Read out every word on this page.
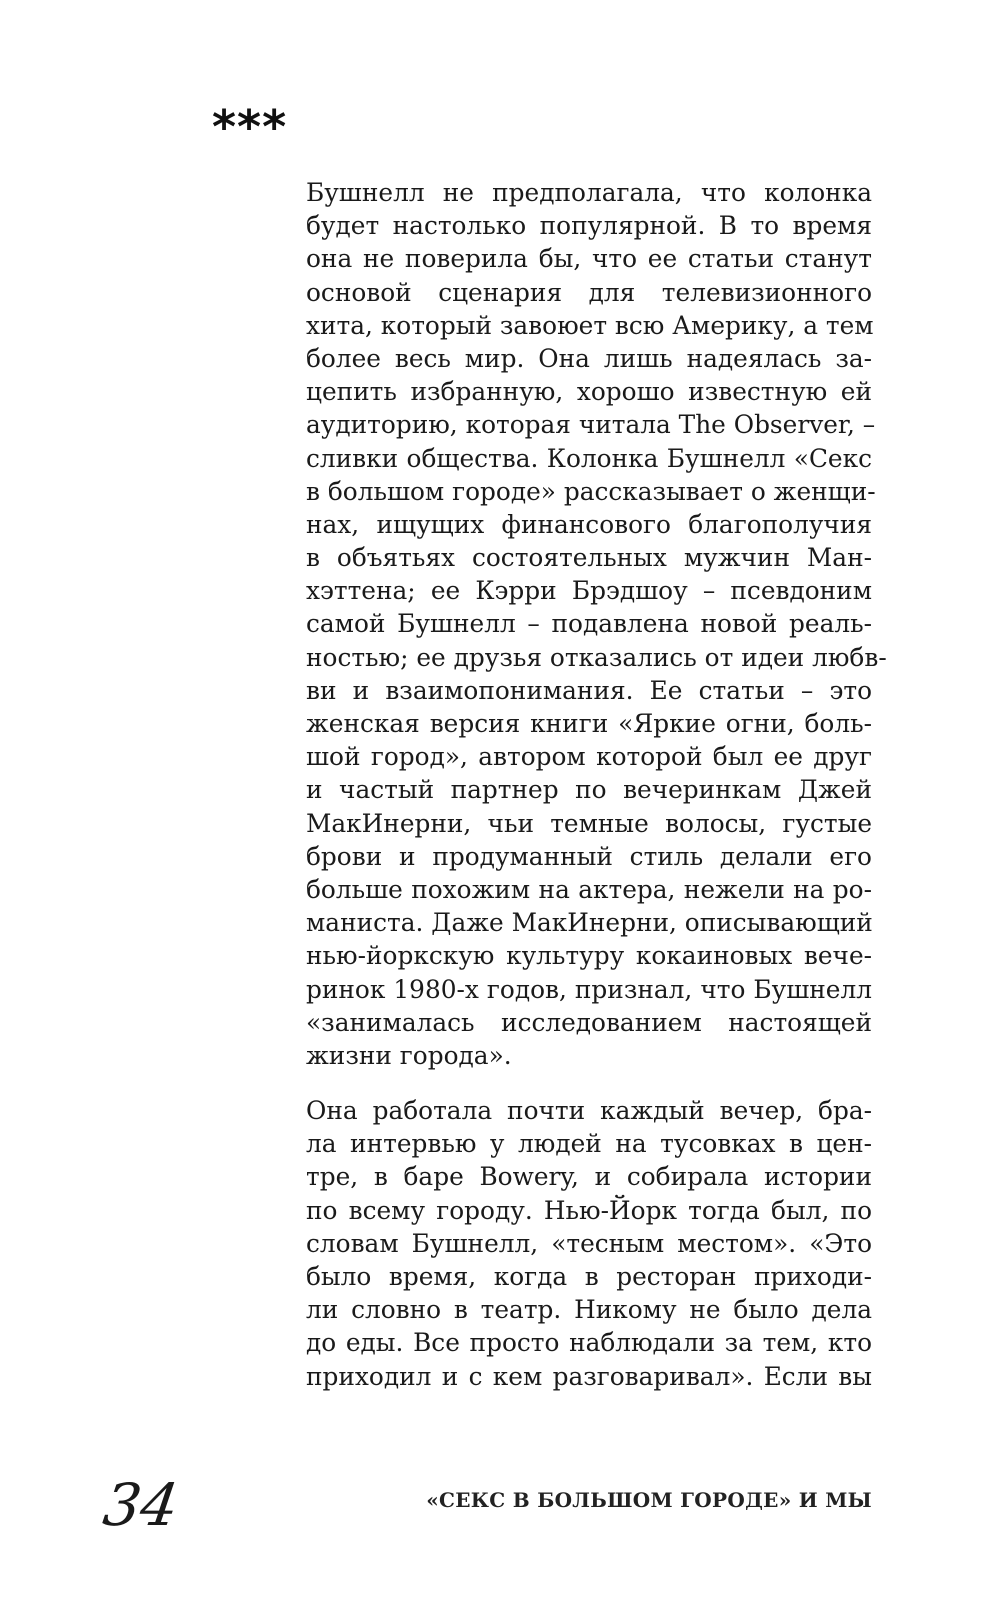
***
Бушнелл не предполагала, что колонка
будет настолько популярной. В то время
она не поверила бы, что ее статьи станут
основой сценария для телевизионного
хита, который завоюет всю Америку, а тем
более весь мир. Она лишь надеялась за-
цепить избранную, хорошо известную ей
аудиторию, которая читала The Observer, –
сливки общества. Колонка Бушнелл «Секс
в большом городе» рассказывает о женщи-
нах, ищущих финансового благополучия
в объятьях состоятельных мужчин Ман-
хэттена; ее Кэрри Брэдшоу – псевдоним
самой Бушнелл – подавлена новой реаль-
ностью; ее друзья отказались от идеи любв-
ви и взаимопонимания. Ее статьи – это
женская версия книги «Яркие огни, боль-
шой город», автором которой был ее друг
и частый партнер по вечеринкам Джей
МакИнерни, чьи темные волосы, густые
брови и продуманный стиль делали его
больше похожим на актера, нежели на ро-
маниста. Даже МакИнерни, описывающий
нью-йоркскую культуру кокаиновых вече-
ринок 1980-х годов, признал, что Бушнелл
«занималась исследованием настоящей
жизни города».
Она работала почти каждый вечер, бра-
ла интервью у людей на тусовках в цен-
тре, в баре Bowery, и собирала истории
по всему городу. Нью-Йорк тогда был, по
словам Бушнелл, «тесным местом». «Это
было время, когда в ресторан приходи-
ли словно в театр. Никому не было дела
до еды. Все просто наблюдали за тем, кто
приходил и с кем разговаривал». Если вы
34	«СЕКС В БОЛЬШОМ ГОРОДЕ» И МЫ
